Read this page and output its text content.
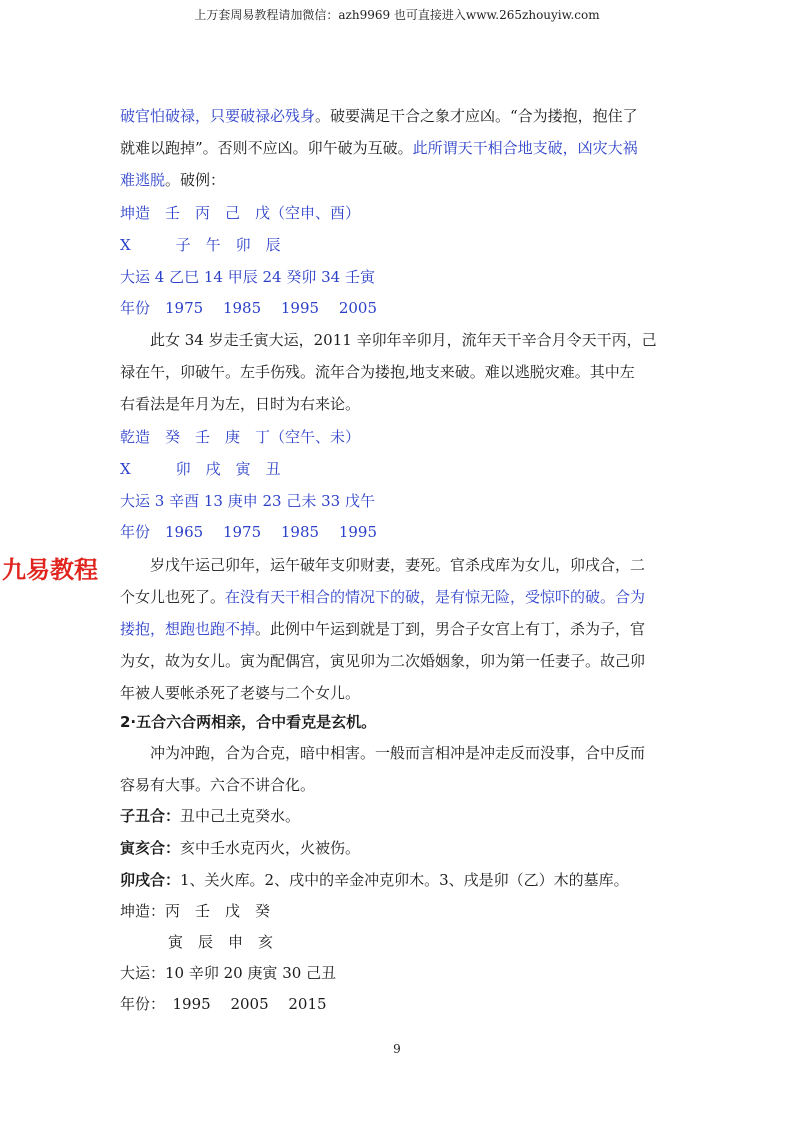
上万套周易教程请加微信：azh9969 也可直接进入www.265zhouyiw.com
破官怕破禄，只要破禄必残身。破要满足干合之象才应凶。“合为搂抱，抱住了
就难以跑掉”。否则不应凶。卯午破为互破。此所谓天干相合地支破，凶灾大祸
难逃脱。破例：
坤造　壬　丙　己　戊（空申、酉）
X　　　子　午　卯　辰
大运 4 乙巳 14 甲辰 24 癸卯 34 壬寅
年份　1975　 1985　 1995　 2005
此女 34 岁走壬寅大运，2011 辛卯年辛卯月，流年天干辛合月令天干丙，己
禄在午，卯破午。左手伤残。流年合为搂抱,地支来破。难以逃脱灾难。其中左
右看法是年月为左，日时为右来论。
乾造　癸　壬　庚　丁（空午、未）
X　　　卯　戌　寅　丑
大运 3 辛酉 13 庚申 23 己未 33 戊午
年份　1965　 1975　 1985　 1995
九易教程	岁戊午运己卯年，运午破年支卯财妻，妻死。官杀戌库为女儿，卯戌合，二
个女儿也死了。在没有天干相合的情况下的破，是有惊无险，受惊吓的破。合为
搂抱，想跑也跑不掉。此例中午运到就是丁到，男合子女宫上有丁，杀为子，官
为女，故为女儿。寅为配偶宫，寅见卯为二次婚姻象，卯为第一任妻子。故己卯
年被人要帐杀死了老婆与二个女儿。
2·五合六合两相亲，合中看克是玄机。
冲为冲跑，合为合克，暗中相害。一般而言相冲是冲走反而没事，合中反而
容易有大事。六合不讲合化。
子丑合：丑中己土克癸水。
寅亥合：亥中壬水克丙火，火被伤。
卯戌合：1、关火库。2、戌中的辛金冲克卯木。3、戌是卯（乙）木的墓库。
坤造：丙　壬　戊　癸
寅　辰　申　亥
大运：10 辛卯 20 庚寅 30 己丑
年份：　1995　 2005　 2015
9
